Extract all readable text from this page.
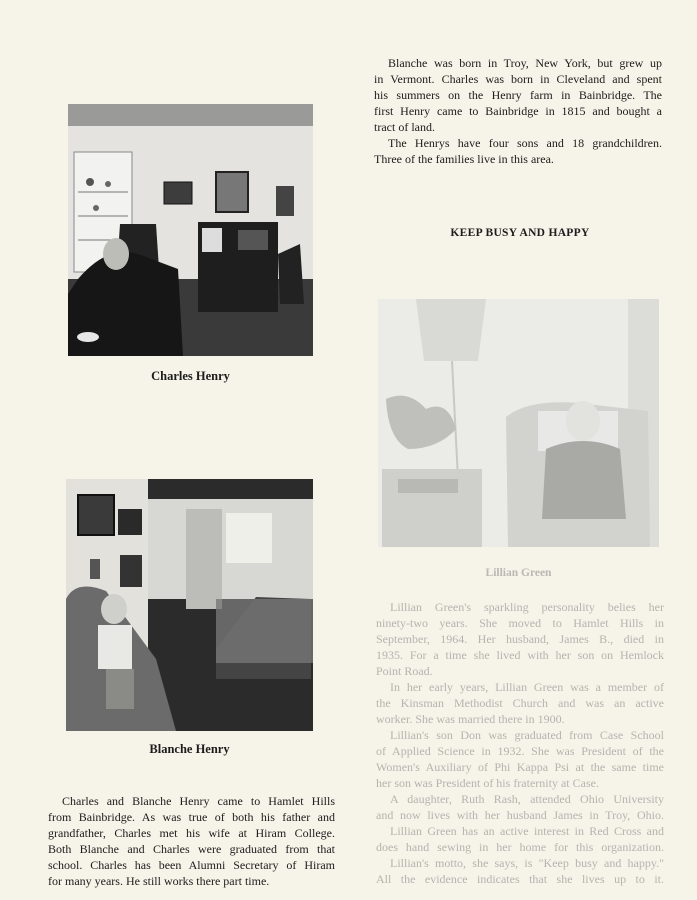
Blanche was born in Troy, New York, but grew up
in Vermont. Charles was born in Cleveland and spent
his summers on the Henry farm in Bainbridge. The
first Henry came to Bainbridge in 1815 and bought a
tract of land.
The Henrys have four sons and 18 grandchildren.
Three of the families live in this area.
KEEP BUSY AND HAPPY
Charles Henry
Blanche Henry
Charles and Blanche Henry came to Hamlet Hills
from Bainbridge. As was true of both his father and
grandfather, Charles met his wife at Hiram College.
Both Blanche and Charles were graduated from that
school. Charles has been Alumni Secretary of Hiram
for many years. He still works there part time.
Lillian Green
Lillian Green's sparkling personality belies her
ninety-two years. She moved to Hamlet Hills in
September, 1964. Her husband, James B., died in
1935. For a time she lived with her son on Hemlock
Point Road.
In her early years, Lillian Green was a member of
the Kinsman Methodist Church and was an active
worker. She was married there in 1900.
Lillian's son Don was graduated from Case School
of Applied Science in 1932. She was President of the
Women's Auxiliary of Phi Kappa Psi at the same time
her son was President of his fraternity at Case.
A daughter, Ruth Rash, attended Ohio University
and now lives with her husband James in Troy, Ohio.
Lillian Green has an active interest in Red Cross and
does hand sewing in her home for this organization.
Lillian's motto, she says, is "Keep busy and happy."
All the evidence indicates that she lives up to it.
